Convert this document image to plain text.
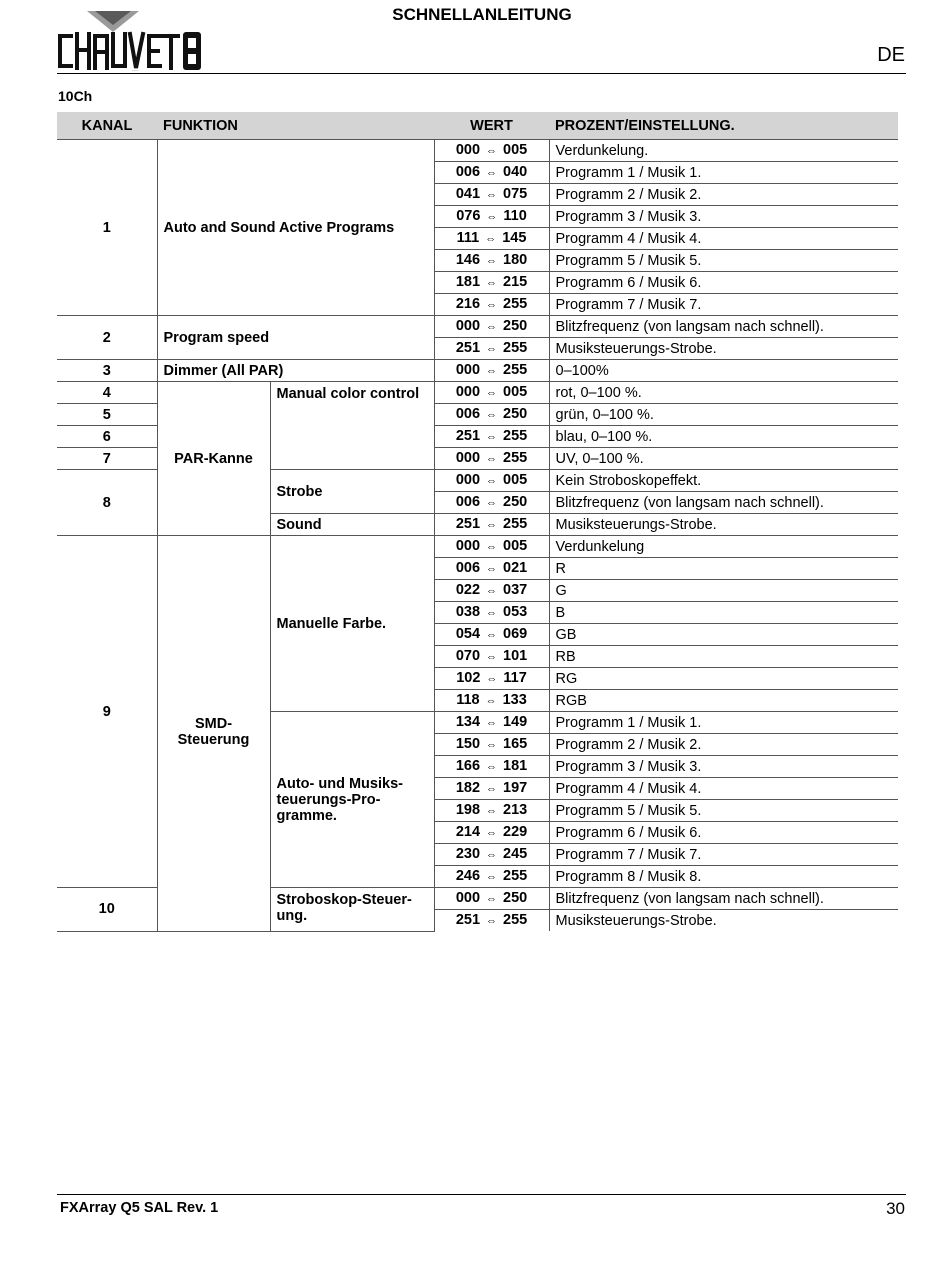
SCHNELLANLEITUNG
CHAUVET DJ
DE
10Ch
KANAL	FUNKTION		WERT	PROZENT/EINSTELLUNG.
1	Auto and Sound Active Programs		000 ⇔ 005	Verdunkelung.
			006 ⇔ 040	Programm 1 / Musik 1.
			041 ⇔ 075	Programm 2 / Musik 2.
			076 ⇔ 110	Programm 3 / Musik 3.
			111 ⇔ 145	Programm 4 / Musik 4.
			146 ⇔ 180	Programm 5 / Musik 5.
			181 ⇔ 215	Programm 6 / Musik 6.
			216 ⇔ 255	Programm 7 / Musik 7.
2	Program speed		000 ⇔ 250	Blitzfrequenz (von langsam nach schnell).
			251 ⇔ 255	Musiksteuerungs-Strobe.
3	Dimmer (All PAR)		000 ⇔ 255	0–100%
4	PAR-Kanne	Manual color control	000 ⇔ 005	rot, 0–100 %.
5			006 ⇔ 250	grün, 0–100 %.
6			251 ⇔ 255	blau, 0–100 %.
7			000 ⇔ 255	UV, 0–100 %.
8		Strobe	000 ⇔ 005	Kein Stroboskopeffekt.
			006 ⇔ 250	Blitzfrequenz (von langsam nach schnell).
		Sound	251 ⇔ 255	Musiksteuerungs-Strobe.
9	SMD-Steuerung	Manuelle Farbe.	000 ⇔ 005	Verdunkelung
			006 ⇔ 021	R
			022 ⇔ 037	G
			038 ⇔ 053	B
			054 ⇔ 069	GB
			070 ⇔ 101	RB
			102 ⇔ 117	RG
			118 ⇔ 133	RGB
		Auto- und Musiks-teuerungs-Pro-gramme.	134 ⇔ 149	Programm 1 / Musik 1.
			150 ⇔ 165	Programm 2 / Musik 2.
			166 ⇔ 181	Programm 3 / Musik 3.
			182 ⇔ 197	Programm 4 / Musik 4.
			198 ⇔ 213	Programm 5 / Musik 5.
			214 ⇔ 229	Programm 6 / Musik 6.
			230 ⇔ 245	Programm 7 / Musik 7.
			246 ⇔ 255	Programm 8 / Musik 8.
10		Stroboskop-Steuer-ung.	000 ⇔ 250	Blitzfrequenz (von langsam nach schnell).
			251 ⇔ 255	Musiksteuerungs-Strobe.
FXArray Q5 SAL Rev. 1	30
